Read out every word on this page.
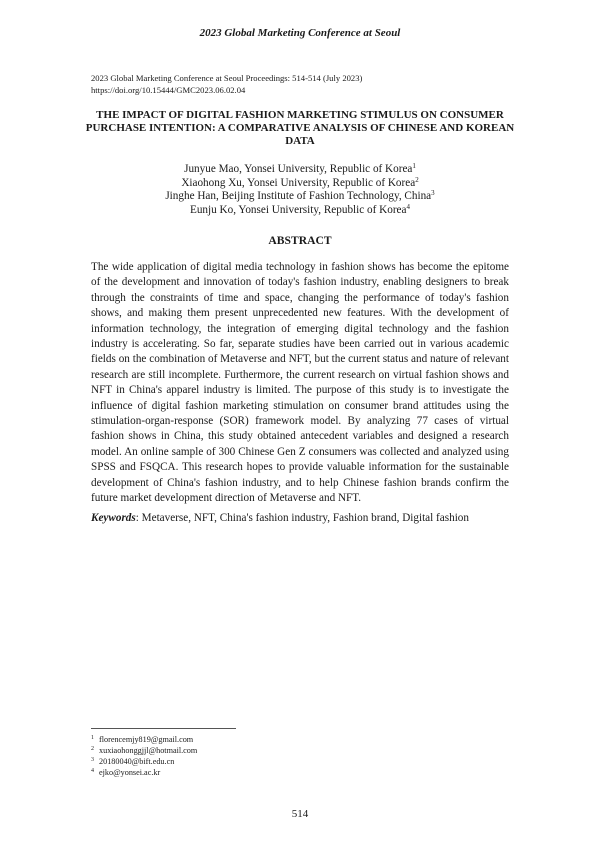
2023 Global Marketing Conference at Seoul
2023 Global Marketing Conference at Seoul Proceedings: 514-514 (July 2023)
https://doi.org/10.15444/GMC2023.06.02.04
THE IMPACT OF DIGITAL FASHION MARKETING STIMULUS ON CONSUMER PURCHASE INTENTION: A COMPARATIVE ANALYSIS OF CHINESE AND KOREAN DATA
Junyue Mao, Yonsei University, Republic of Korea$^1$
Xiaohong Xu, Yonsei University, Republic of Korea$^2$
Jinghe Han, Beijing Institute of Fashion Technology, China$^3$
Eunju Ko, Yonsei University, Republic of Korea$^4$
ABSTRACT
The wide application of digital media technology in fashion shows has become the epitome of the development and innovation of today's fashion industry, enabling designers to break through the constraints of time and space, changing the performance of today's fashion shows, and making them present unprecedented new features. With the development of information technology, the integration of emerging digital technology and the fashion industry is accelerating. So far, separate studies have been carried out in various academic fields on the combination of Metaverse and NFT, but the current status and nature of relevant research are still incomplete. Furthermore, the current research on virtual fashion shows and NFT in China's apparel industry is limited. The purpose of this study is to investigate the influence of digital fashion marketing stimulation on consumer brand attitudes using the stimulation-organ-response (SOR) framework model. By analyzing 77 cases of virtual fashion shows in China, this study obtained antecedent variables and designed a research model. An online sample of 300 Chinese Gen Z consumers was collected and analyzed using SPSS and FSQCA. This research hopes to provide valuable information for the sustainable development of China's fashion industry, and to help Chinese fashion brands confirm the future market development direction of Metaverse and NFT.
Keywords: Metaverse, NFT, China's fashion industry, Fashion brand, Digital fashion
$^1$ florencemjy819@gmail.com
$^2$ xuxiaohonggjjl@hotmail.com
$^3$ 20180040@bift.edu.cn
$^4$ ejko@yonsei.ac.kr
514
